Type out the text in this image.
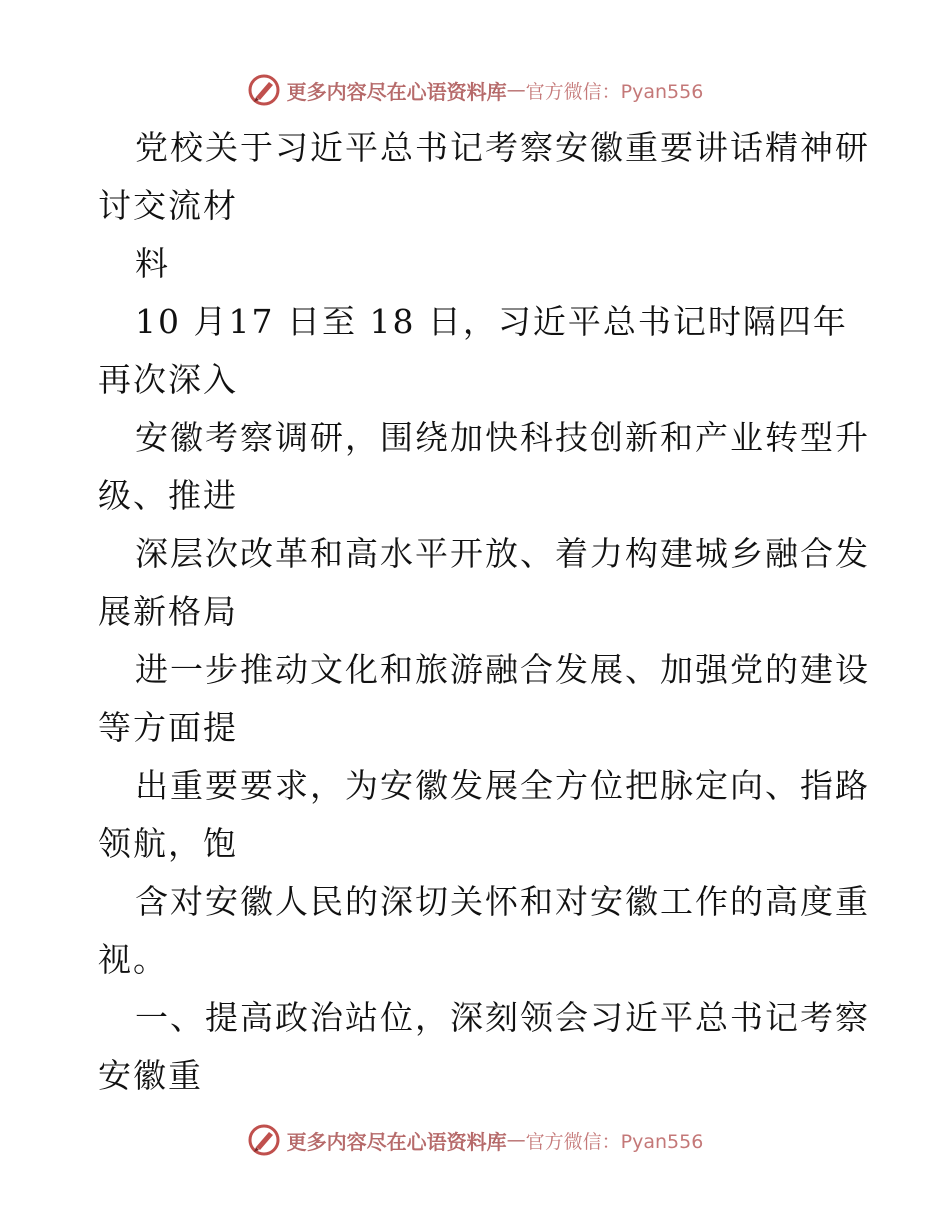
更多内容尽在心语资料库 — 官方微信：Pyan556
党校关于习近平总书记考察安徽重要讲话精神研
讨交流材
料
10 月17 日至 18 日，习近平总书记时隔四年
再次深入
安徽考察调研，围绕加快科技创新和产业转型升
级、推进
深层次改革和高水平开放、着力构建城乡融合发
展新格局
进一步推动文化和旅游融合发展、加强党的建设
等方面提
出重要要求，为安徽发展全方位把脉定向、指路
领航，饱
含对安徽人民的深切关怀和对安徽工作的高度重
视。
一、提高政治站位，深刻领会习近平总书记考察
安徽重
更多内容尽在心语资料库 — 官方微信：Pyan556
